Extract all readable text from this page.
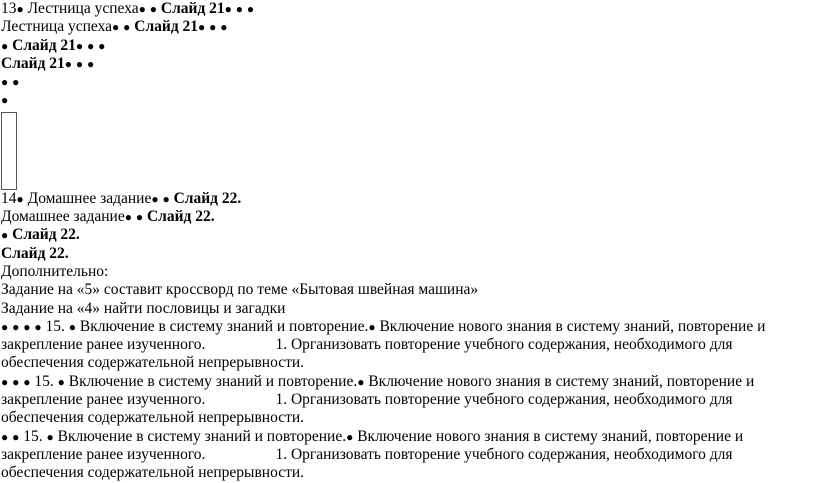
13● Лестница успеха● ● Слайд 21● ● ●
Лестница успеха● ● Слайд 21● ● ●
● Слайд 21● ● ●
Слайд 21● ● ●
● ●
●
14● Домашнее задание● ● Слайд 22.
Домашнее задание● ● Слайд 22.
● Слайд 22.
Слайд 22.
Дополнительно:
Задание на «5» составит кроссворд по теме «Бытовая швейная машина»
Задание на «4» найти пословицы и загадки
● ● ● ● 15. ● Включение в систему знаний и повторение.● Включение нового знания в систему знаний, повторение и закрепление ранее изученного.	1. Организовать повторение учебного содержания, необходимого для обеспечения содержательной непрерывности.
● ● ● 15. ● Включение в систему знаний и повторение.● Включение нового знания в систему знаний, повторение и закрепление ранее изученного.	1. Организовать повторение учебного содержания, необходимого для обеспечения содержательной непрерывности.
● ● 15. ● Включение в систему знаний и повторение.● Включение нового знания в систему знаний, повторение и закрепление ранее изученного.	1. Организовать повторение учебного содержания, необходимого для обеспечения содержательной непрерывности.
